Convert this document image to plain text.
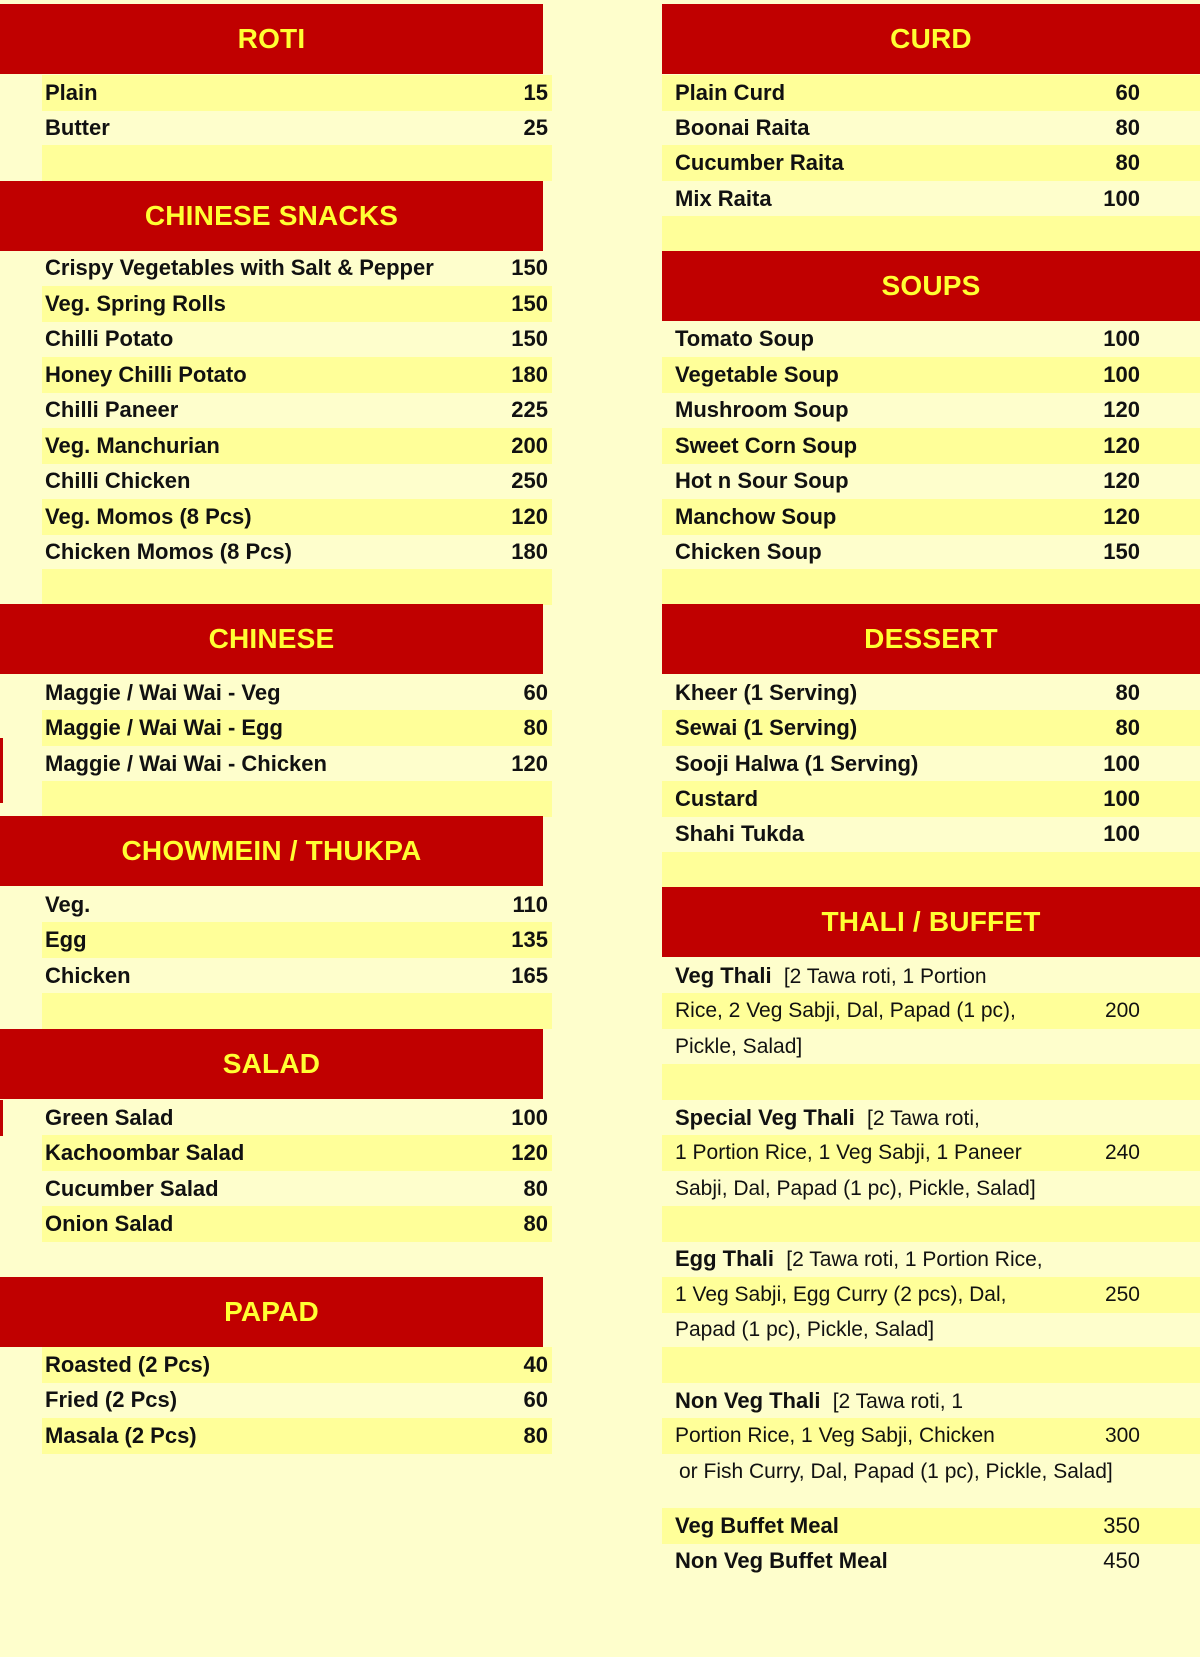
ROTI
Plain	15
Butter	25
CHINESE SNACKS
Crispy Vegetables with Salt & Pepper	150
Veg. Spring Rolls	150
Chilli Potato	150
Honey Chilli Potato	180
Chilli Paneer	225
Veg. Manchurian	200
Chilli Chicken	250
Veg. Momos (8 Pcs)	120
Chicken Momos (8 Pcs)	180
CHINESE
Maggie / Wai Wai - Veg	60
Maggie / Wai Wai - Egg	80
Maggie / Wai Wai - Chicken	120
CHOWMEIN / THUKPA
Veg.	110
Egg	135
Chicken	165
SALAD
Green Salad	100
Kachoombar Salad	120
Cucumber Salad	80
Onion Salad	80
PAPAD
Roasted (2 Pcs)	40
Fried (2 Pcs)	60
Masala (2 Pcs)	80
CURD
Plain Curd	60
Boonai Raita	80
Cucumber Raita	80
Mix Raita	100
SOUPS
Tomato Soup	100
Vegetable Soup	100
Mushroom Soup	120
Sweet Corn Soup	120
Hot n Sour Soup	120
Manchow Soup	120
Chicken Soup	150
DESSERT
Kheer (1 Serving)	80
Sewai (1 Serving)	80
Sooji Halwa (1 Serving)	100
Custard	100
Shahi Tukda	100
THALI / BUFFET
Veg Thali [2 Tawa roti, 1 Portion
Rice, 2 Veg Sabji, Dal, Papad (1 pc),	200
Pickle, Salad]
Special Veg Thali [2 Tawa roti,
1 Portion Rice, 1 Veg Sabji, 1 Paneer	240
Sabji, Dal, Papad (1 pc), Pickle, Salad]
Egg Thali [2 Tawa roti, 1 Portion Rice,
1 Veg Sabji, Egg Curry (2 pcs), Dal,	250
Papad (1 pc), Pickle, Salad]
Non Veg Thali [2 Tawa roti, 1
Portion Rice, 1 Veg Sabji, Chicken	300
or Fish Curry, Dal, Papad (1 pc), Pickle, Salad]
Veg Buffet Meal	350
Non Veg Buffet Meal	450
